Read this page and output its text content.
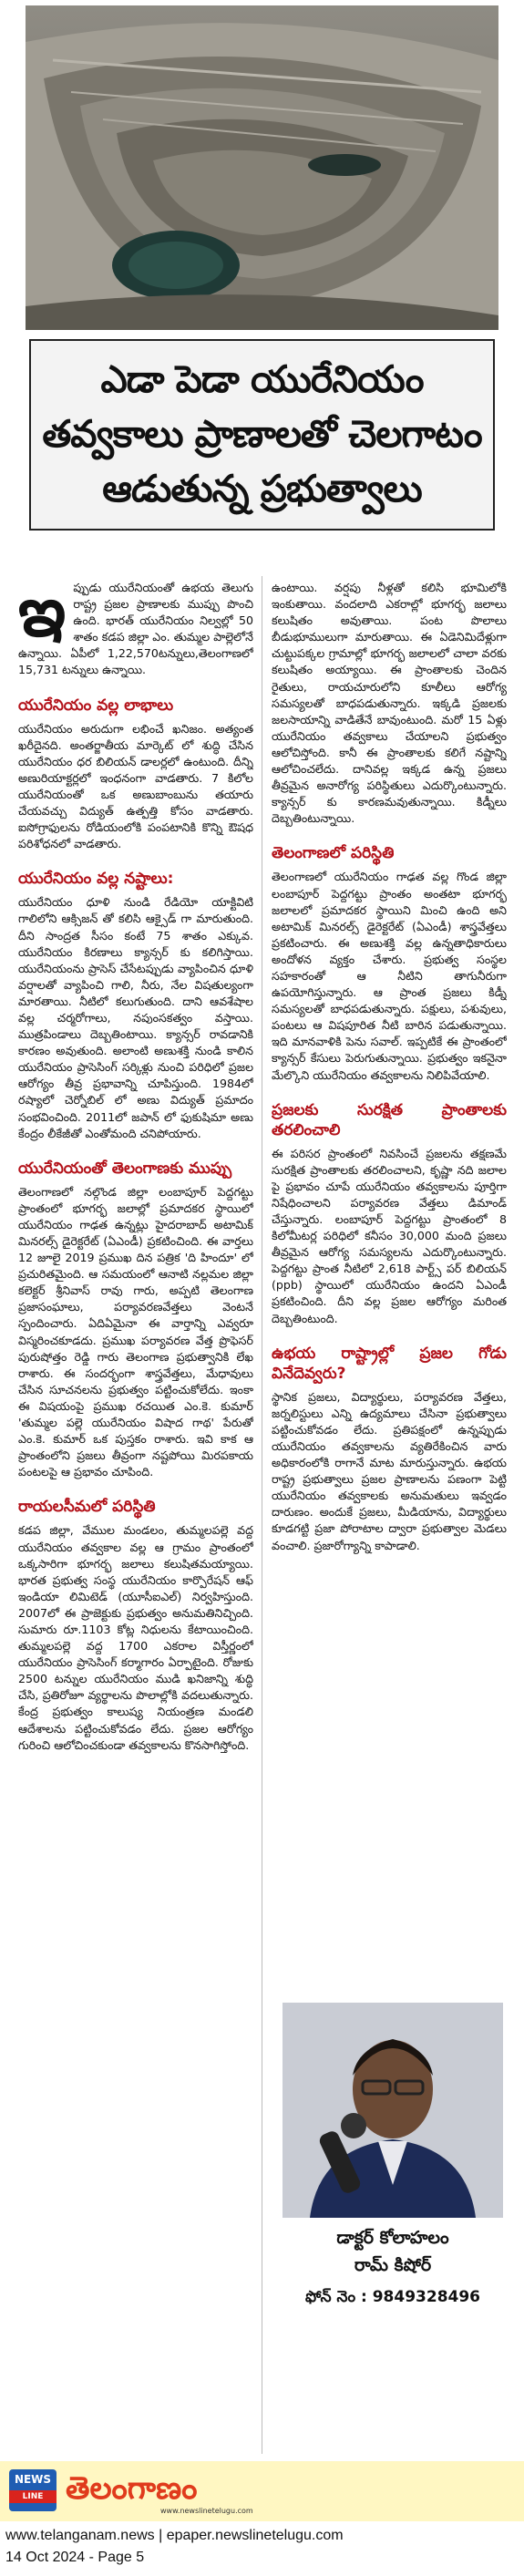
ఎడా పెడా యురేనియం
తవ్వకాలు ప్రాణాలతో చెలగాటం
ఆడుతున్న ప్రభుత్వాలు

ఇప్పుడు యురేనియంతో ఉభయ తెలుగు రాష్ట్ర ప్రజల ప్రాణాలకు ముప్పు పొంచి ఉంది. భారత్ యురేనియం నిల్వల్లో 50 శాతం కడప జిల్లా ఎం. తుమ్మల పాల్లెలోనే ఉన్నాయి. ఏపీలో 1,22,570టన్నులు,తెలంగాణలో 15,731 టన్నులు ఉన్నాయి.

యురేనియం వల్ల లాభాలు

యురేనియం అరుదుగా లభించే ఖనిజం. అత్యంత ఖరీదైనది. అంతర్జాతీయ మార్కెట్ లో శుద్ధి చేసిన యురేనియం ధర బిలియన్ డాలర్లలో ఉంటుంది. దీన్ని అణురియాక్టర్లలో ఇంధనంగా వాడతారు. 7 కిలోల యురేనియంతో ఒక అణుబాంబును తయారు చేయవచ్చు విద్యుత్ ఉత్పత్తి కోసం వాడతారు. ఐసోగ్రాఫులను రోడియంలోకి పంపటానికి కొన్ని ఔషధ పరిశోధనలో వాడతారు.

యురేనియం వల్ల నష్టాలు:

యురేనియం ధూళి నుండి రేడియో యాక్టివిటి గాలిలోని ఆక్సిజన్ తో కలిసి ఆక్సైడ్ గా మారుతుంది. దీని సాంద్రత సీసం కంటే 75 శాతం ఎక్కువ. యురేనియం కిరణాలు క్యాన్సర్ కు కలిగిస్తాయి. యురేనియంను ప్రాసెస్ చేసేటప్పుడు వ్యాపించిన ధూళి వర్షాలతో వ్యాపించి గాలి, నీరు, నేల విషతుల్యంగా మారతాయి. నీటిలో కలుగుతుంది. దాని ఆవశేషాల వల్ల చర్మరోగాలు, నపుంసకత్వం వస్తాయి. ముత్రపిండాలు దెబ్బతింటాయి. క్యాన్సర్ రావడానికి కారణం అవుతుంది. అలాంటి అణుశక్తి నుండి కాలిన యురేనియం ప్రాసెసింగ్ సర్కిళ్లు నుంచి పరిధిలో ప్రజల ఆరోగ్యం తీవ్ర ప్రభావాన్ని చూపిస్తుంది. 1984లో రష్యాలో చెర్నోబిల్ లో అణు విద్యుత్ ప్రమాదం సంభవించింది. 2011లో జపాన్ లో ఫుకుషిమా అణు కేంద్రం లీకేజీతో ఎంతోమంది చనిపోయారు.

యురేనియంతో తెలంగాణకు ముప్పు

తెలంగాణలో నల్గొండ జిల్లా లంబాపూర్ పెద్దగట్టు ప్రాంతంలో భూగర్భ జలాల్లో ప్రమాదకర స్థాయిలో యురేనియం గాఢత ఉన్నట్లు హైదరాబాద్ అటామిక్ మినరల్స్ డైరెక్టరేట్ (ఏఎండీ) ప్రకటించింది. ఈ వార్తలు 12 జూలై 2019 ప్రముఖ దిన పత్రిక 'ది హిందూ' లో ప్రచురితమైంది. ఆ సమయంలో ఆనాటి నల్లమల జిల్లా కలెక్టర్ శ్రీనివాస్ రావు గారు, అప్పటి తెలంగాణ ప్రజాసంఘాలు, పర్యావరణవేత్తలు వెంటనే స్పందించారు. ఏదిఏమైనా ఈ వార్తాన్ని ఎవ్వరూ విస్మరించకూడదు. ప్రముఖ పర్యావరణ వేత్త ప్రొఫెసర్ పురుషోత్తం రెడ్డి గారు తెలంగాణ ప్రభుత్వానికి లేఖ రాశారు. ఈ సందర్భంగా శాస్త్రవేత్తలు, మేధావులు చేసిన సూచనలను ప్రభుత్వం పట్టించుకోలేదు. ఇంకా ఈ విషయంపై ప్రముఖ రచయిత ఎం.కె. కుమార్ 'తుమ్మల పల్లె యురేనియం విషాద గాథ' పేరుతో ఎం.కె. కుమార్ ఒక పుస్తకం రాశారు. ఇవి కాక ఆ ప్రాంతంలోని ప్రజలు తీవ్రంగా నష్టపోయి మిరపకాయ పంటలపై ఆ ప్రభావం చూపింది.

రాయలసీమలో పరిస్థితి

కడప జిల్లా, వేముల మండలం, తుమ్మలపల్లె వద్ద యురేనియం తవ్వకాల వల్ల ఆ గ్రామం ప్రాంతంలో ఒక్కసారిగా భూగర్భ జలాలు కలుషితమయ్యాయి. భారత ప్రభుత్వ సంస్థ యురేనియం కార్పొరేషన్ ఆఫ్ ఇండియా లిమిటెడ్ (యూసీఐఎల్) నిర్వహిస్తుంది. 2007లో ఈ ప్రాజెక్టుకు ప్రభుత్వం అనుమతినిచ్చింది. సుమారు రూ.1103 కోట్ల నిధులను కేటాయించింది. తుమ్మలపల్లె వద్ద 1700 ఎకరాల విస్తీర్ణంలో యురేనియం ప్రాసెసింగ్ కర్మాగారం ఏర్పాటైంది. రోజుకు 2500 టన్నుల యురేనియం ముడి ఖనిజాన్ని శుద్ధి చేసి, ప్రతిరోజూ వ్యర్థాలను పొలాల్లోకి వదలుతున్నారు. కేంద్ర ప్రభుత్వం కాలుష్య నియంత్రణ మండలి ఆదేశాలను పట్టించుకోవడం లేదు. ప్రజల ఆరోగ్యం గురించి ఆలోచించకుండా తవ్వకాలను కొనసాగిస్తోంది.

ఉంటాయి. వర్షపు నీళ్లతో కలిసి భూమిలోకి ఇంకుతాయి. వందలాది ఎకరాల్లో భూగర్భ జలాలు కలుషితం అవుతాయి. పంట పొలాలు బీడుభూములుగా మారుతాయి. ఈ ఏడెనిమిదేళ్లుగా చుట్టుపక్కల గ్రామాల్లో భూగర్భ జలాలలో చాలా వరకు కలుషితం అయ్యాయి. ఈ ప్రాంతాలకు చెందిన రైతులు, రాయచూరులోని కూలీలు ఆరోగ్య సమస్యలతో బాధపడుతున్నారు. ఇక్కడి ప్రజలకు జలసాయాన్ని వాడితేనే బావుంటుంది. మరో 15 ఏళ్లు యురేనియం తవ్వకాలు చేయాలని ప్రభుత్వం ఆలోచిస్తోంది. కానీ ఈ ప్రాంతాలకు కలిగే నష్టాన్ని ఆలోచించలేదు. దానివల్ల ఇక్కడ ఉన్న ప్రజలు తీవ్రమైన అనారోగ్య పరిస్థితులు ఎదుర్కొంటున్నారు. క్యాన్సర్ కు కారణమవుతున్నాయి. కిడ్నీలు దెబ్బతింటున్నాయి.

తెలంగాణలో పరిస్థితి

తెలంగాణలో యురేనియం గాఢత వల్ల గొండ జిల్లా లంబాపూర్ పెద్దగట్టు ప్రాంతం అంతటా భూగర్భ జలాలలో ప్రమాదకర స్థాయిని మించి ఉంది అని అటామిక్ మినరల్స్ డైరెక్టరేట్ (ఏఎండీ) శాస్త్రవేత్తలు ప్రకటించారు. ఈ అణుశక్తి వల్ల ఉన్నతాధికారులు అందోళన వ్యక్తం చేశారు. ప్రభుత్వ సంస్థల సహకారంతో ఆ నీటిని తాగునీరుగా ఉపయోగిస్తున్నారు. ఆ ప్రాంత ప్రజలు కిడ్నీ సమస్యలతో బాధపడుతున్నారు. పక్షులు, పశువులు, పంటలు ఆ విషపూరిత నీటి బారిన పడుతున్నాయి. ఇది మానవాళికి పెను సవాల్. ఇప్పటికే ఈ ప్రాంతంలో క్యాన్సర్ కేసులు పెరుగుతున్నాయి. ప్రభుత్వం ఇకనైనా మేల్కొని యురేనియం తవ్వకాలను నిలిపివేయాలి.

ప్రజలకు సురక్షిత ప్రాంతాలకు తరలించాలి

ఈ పరిసర ప్రాంతంలో నివసించే ప్రజలను తక్షణమే సురక్షిత ప్రాంతాలకు తరలించాలని, కృష్ణా నది జలాల పై ప్రభావం చూపే యురేనియం తవ్వకాలను పూర్తిగా నిషేధించాలని పర్యావరణ వేత్తలు డిమాండ్ చేస్తున్నారు. లంబాపూర్ పెద్దగట్టు ప్రాంతంలో 8 కిలోమీటర్ల పరిధిలో కనీసం 30,000 మంది ప్రజలు తీవ్రమైన ఆరోగ్య సమస్యలను ఎదుర్కొంటున్నారు. పెద్దగట్టు ప్రాంత నీటిలో 2,618 పార్ట్స్ పర్ బిలియన్ (ppb) స్థాయిలో యురేనియం ఉందని ఏఎండీ ప్రకటించింది. దీని వల్ల ప్రజల ఆరోగ్యం మరింత దెబ్బతింటుంది.

ఉభయ రాష్ట్రాల్లో ప్రజల గోడు వినేదెవ్వరు?

స్థానిక ప్రజలు, విద్యార్థులు, పర్యావరణ వేత్తలు, జర్నలిస్టులు ఎన్ని ఉద్యమాలు చేసినా ప్రభుత్వాలు పట్టించుకోవడం లేదు. ప్రతిపక్షంలో ఉన్నప్పుడు యురేనియం తవ్వకాలను వ్యతిరేకించిన వారు అధికారంలోకి రాగానే మాట మారుస్తున్నారు. ఉభయ రాష్ట్ర ప్రభుత్వాలు ప్రజల ప్రాణాలను పణంగా పెట్టి యురేనియం తవ్వకాలకు అనుమతులు ఇవ్వడం దారుణం. అందుకే ప్రజలు, మీడియాను, విద్యార్థులు కూడగట్టి ప్రజా పోరాటాల ద్వారా ప్రభుత్వాల మెడలు వంచాలి. ప్రజారోగ్యాన్ని కాపాడాలి.

డాక్టర్ కోలాహలం
రామ్ కిషోర్
ఫోన్ నెం : 9849328496
NEWS
LINE తెలంగాణం
www.newslinetelugu.com
www.telanganam.news | epaper.newslinetelugu.com
14 Oct 2024 - Page 5
